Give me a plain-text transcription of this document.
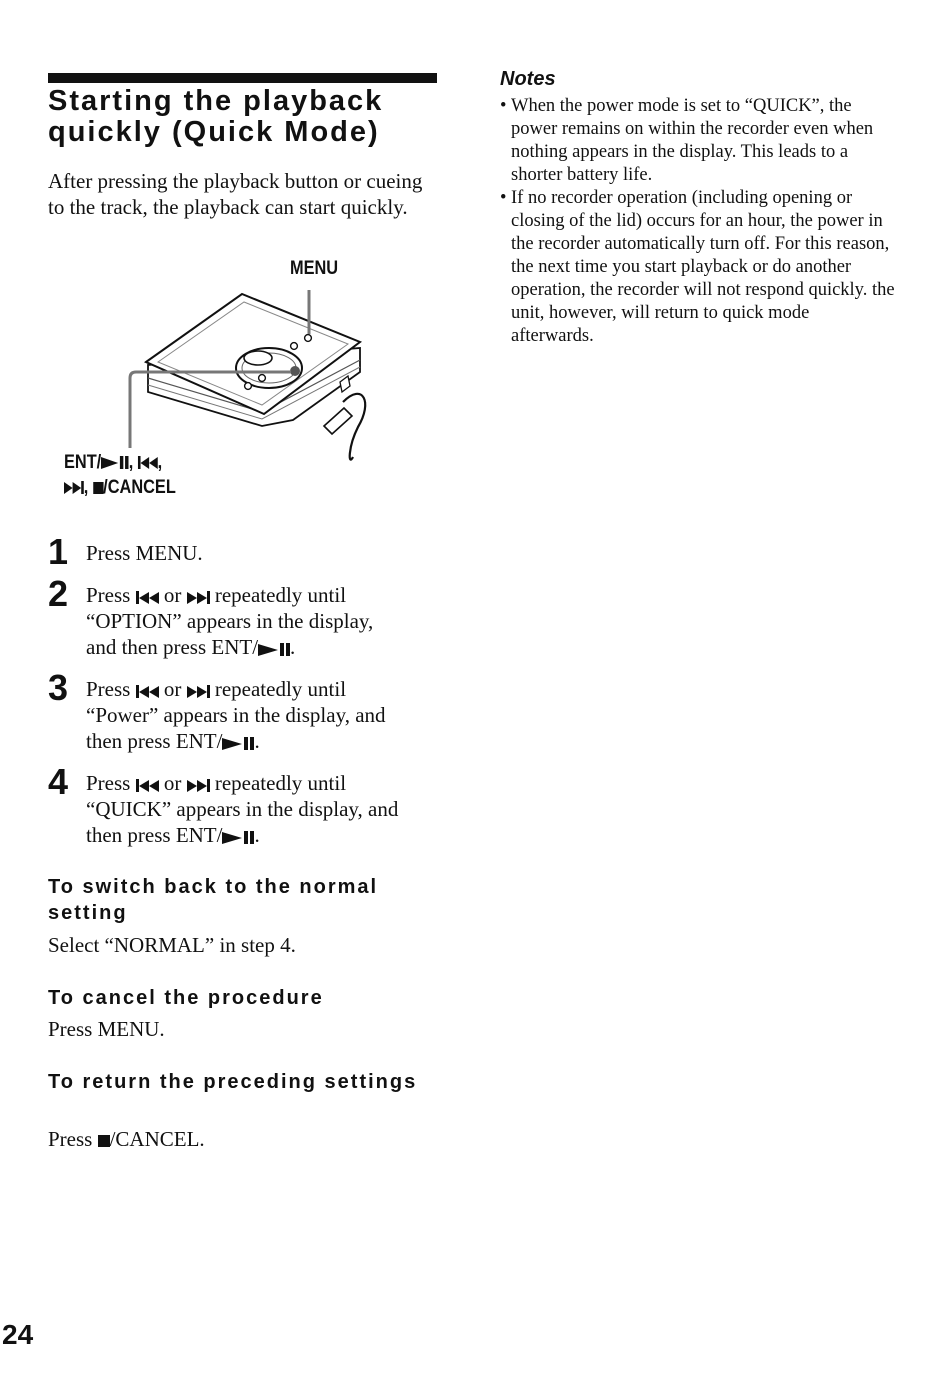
Starting the playback quickly (Quick Mode)

After pressing the playback button or cueing to the track, the playback can start quickly.

MENU
ENT/ , ,
, /CANCEL
1 Press MENU.
2 Press or repeatedly until
“OPTION” appears in the display,
and then press ENT/ .
3 Press or repeatedly until
“Power” appears in the display, and
then press ENT/ .
4 Press or repeatedly until
“QUICK” appears in the display, and
then press ENT/ .
To switch back to the normal setting

Select “NORMAL” in step 4.

To cancel the procedure

Press MENU.

To return the preceding settings

Press /CANCEL.

Notes
• When the power mode is set to “QUICK”, the power remains on within the recorder even when nothing appears in the display. This leads to a shorter battery life.
• If no recorder operation (including opening or closing of the lid) occurs for an hour, the power in the recorder automatically turn off. For this reason, the next time you start playback or do another operation, the recorder will not respond quickly. the unit, however, will return to quick mode afterwards.

24
